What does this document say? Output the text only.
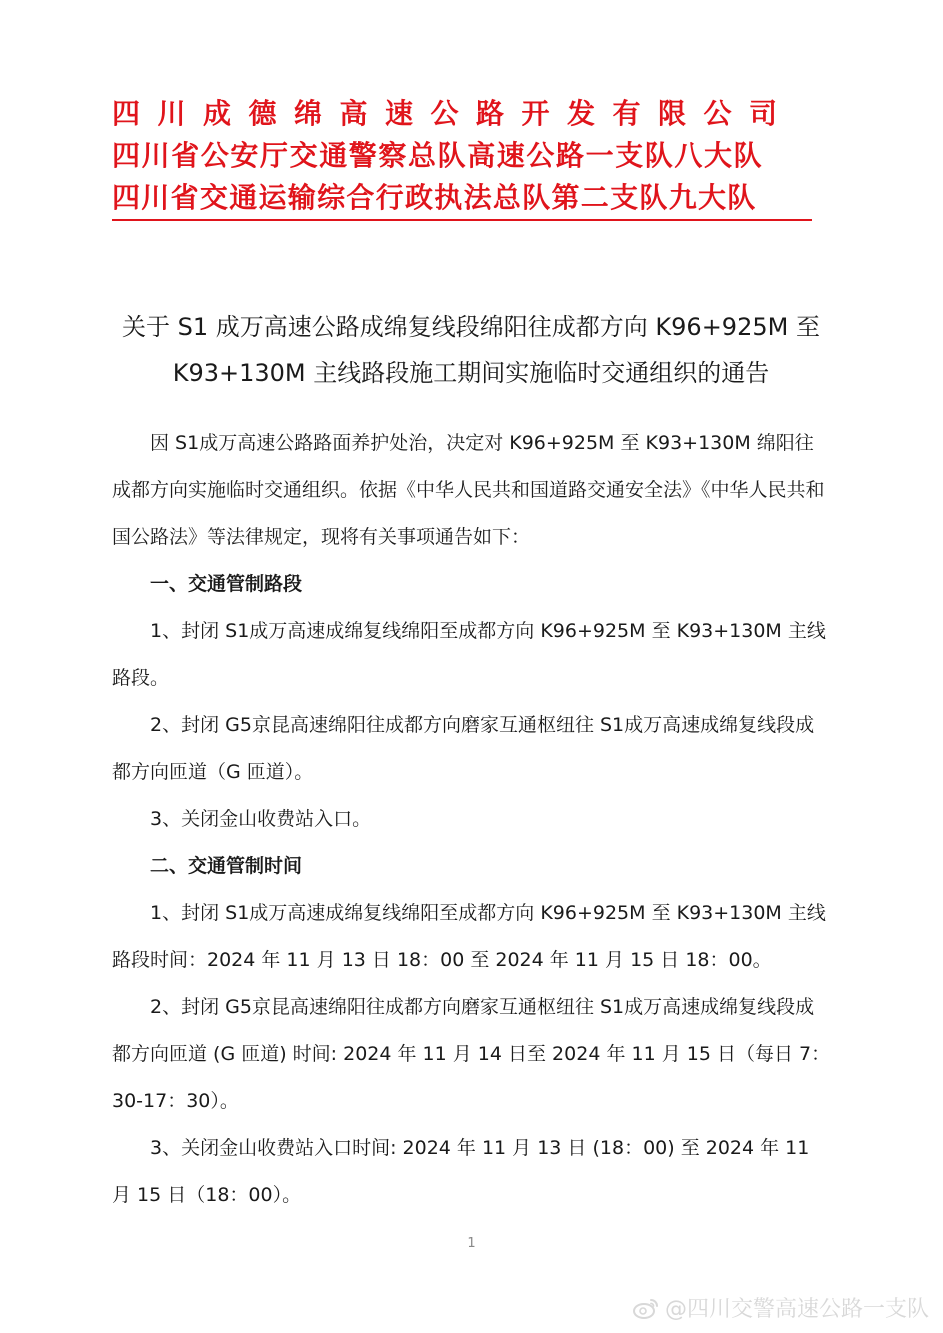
四川成德绵高速公路开发有限公司
四川省公安厅交通警察总队高速公路一支队八大队
四川省交通运输综合行政执法总队第二支队九大队
关于 S1 成万高速公路成绵复线段绵阳往成都方向 K96+925M 至
K93+130M 主线路段施工期间实施临时交通组织的通告

因 S1成万高速公路路面养护处治，决定对 K96+925M 至 K93+130M 绵阳往成都方向实施临时交通组织。依据《中华人民共和国道路交通安全法》《中华人民共和国公路法》等法律规定，现将有关事项通告如下：

一、交通管制路段

1、封闭 S1成万高速成绵复线绵阳至成都方向 K96+925M 至 K93+130M 主线路段。

2、封闭 G5京昆高速绵阳往成都方向磨家互通枢纽往 S1成万高速成绵复线段成都方向匝道（G 匝道）。

3、关闭金山收费站入口。

二、交通管制时间

1、封闭 S1成万高速成绵复线绵阳至成都方向 K96+925M 至 K93+130M 主线路段时间：2024 年 11 月 13 日 18：00 至 2024 年 11 月 15 日 18：00。

2、封闭 G5京昆高速绵阳往成都方向磨家互通枢纽往 S1成万高速成绵复线段成都方向匝道 (G 匝道) 时间: 2024 年 11 月 14 日至 2024 年 11 月 15 日（每日 7：30-17：30）。

3、关闭金山收费站入口时间: 2024 年 11 月 13 日 (18：00) 至 2024 年 11 月 15 日（18：00）。

1
@四川交警高速公路一支队
